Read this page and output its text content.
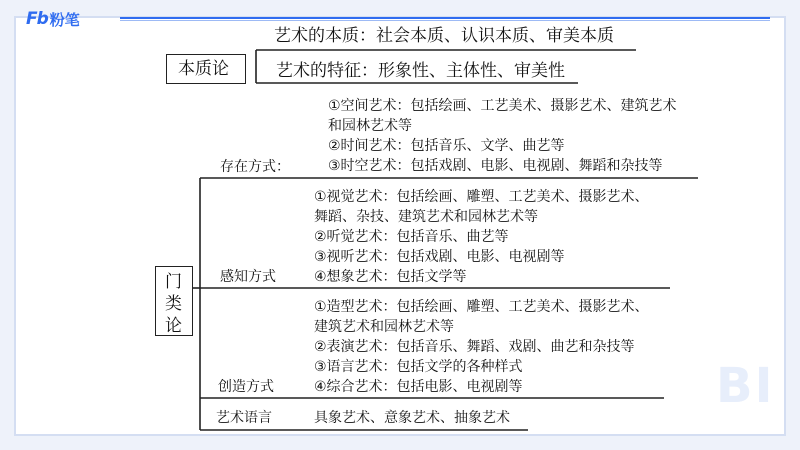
Fb 粉笔
BI
本质论
艺术的本质：社会本质、认识本质、审美本质
艺术的特征：形象性、主体性、审美性
门
类
论
存在方式：
①空间艺术：包括绘画、工艺美术、摄影艺术、建筑艺术
和园林艺术等
②时间艺术：包括音乐、文学、曲艺等
③时空艺术：包括戏剧、电影、电视剧、舞蹈和杂技等
感知方式
①视觉艺术：包括绘画、雕塑、工艺美术、摄影艺术、
舞蹈、杂技、建筑艺术和园林艺术等
②听觉艺术：包括音乐、曲艺等
③视听艺术：包括戏剧、电影、电视剧等
④想象艺术：包括文学等
创造方式
①造型艺术：包括绘画、雕塑、工艺美术、摄影艺术、
建筑艺术和园林艺术等
②表演艺术：包括音乐、舞蹈、戏剧、曲艺和杂技等
③语言艺术：包括文学的各种样式
④综合艺术：包括电影、电视剧等
艺术语言	具象艺术、意象艺术、抽象艺术
